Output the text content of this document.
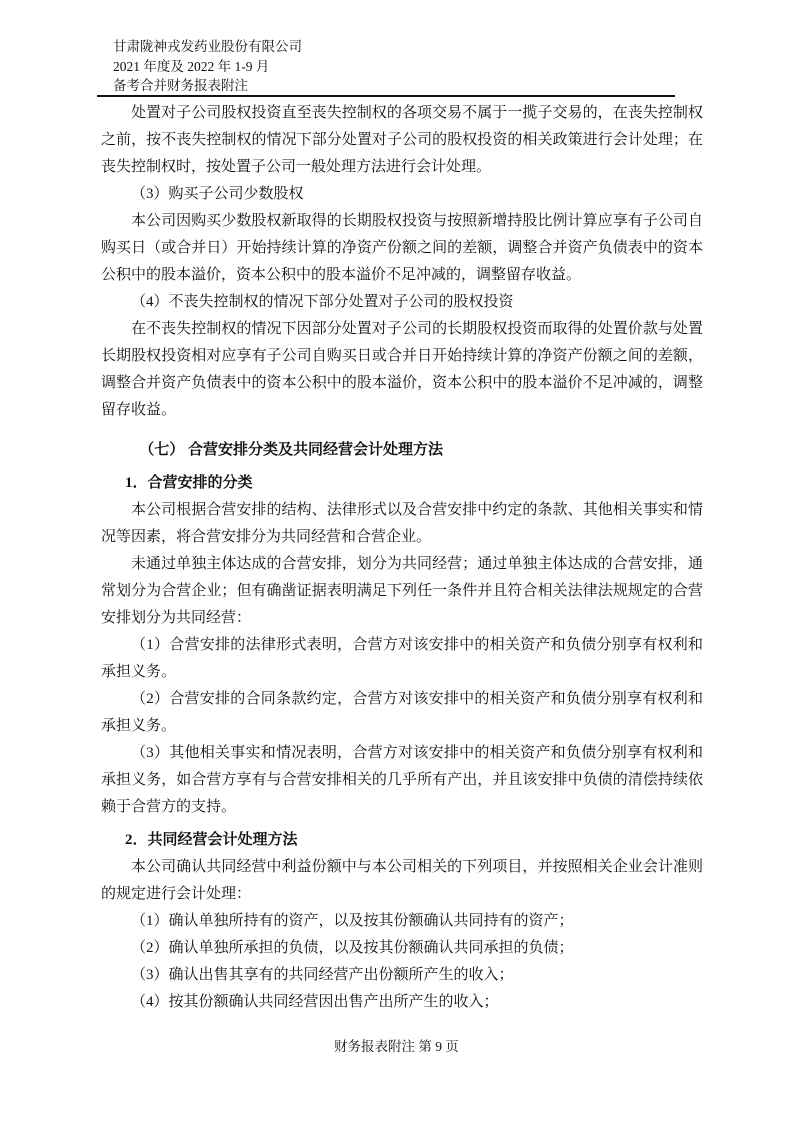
甘肃陇神戎发药业股份有限公司
2021 年度及 2022 年 1-9 月
备考合并财务报表附注

处置对子公司股权投资直至丧失控制权的各项交易不属于一揽子交易的，在丧失控制权之前，按不丧失控制权的情况下部分处置对子公司的股权投资的相关政策进行会计处理；在丧失控制权时，按处置子公司一般处理方法进行会计处理。

（3）购买子公司少数股权

本公司因购买少数股权新取得的长期股权投资与按照新增持股比例计算应享有子公司自购买日（或合并日）开始持续计算的净资产份额之间的差额，调整合并资产负债表中的资本公积中的股本溢价，资本公积中的股本溢价不足冲减的，调整留存收益。

（4）不丧失控制权的情况下部分处置对子公司的股权投资

在不丧失控制权的情况下因部分处置对子公司的长期股权投资而取得的处置价款与处置长期股权投资相对应享有子公司自购买日或合并日开始持续计算的净资产份额之间的差额，调整合并资产负债表中的资本公积中的股本溢价，资本公积中的股本溢价不足冲减的，调整留存收益。

（七） 合营安排分类及共同经营会计处理方法

1．合营安排的分类

本公司根据合营安排的结构、法律形式以及合营安排中约定的条款、其他相关事实和情况等因素，将合营安排分为共同经营和合营企业。

未通过单独主体达成的合营安排，划分为共同经营；通过单独主体达成的合营安排，通常划分为合营企业；但有确凿证据表明满足下列任一条件并且符合相关法律法规规定的合营安排划分为共同经营：

（1）合营安排的法律形式表明，合营方对该安排中的相关资产和负债分别享有权利和承担义务。

（2）合营安排的合同条款约定，合营方对该安排中的相关资产和负债分别享有权利和承担义务。

（3）其他相关事实和情况表明，合营方对该安排中的相关资产和负债分别享有权利和承担义务，如合营方享有与合营安排相关的几乎所有产出，并且该安排中负债的清偿持续依赖于合营方的支持。

2．共同经营会计处理方法

本公司确认共同经营中利益份额中与本公司相关的下列项目，并按照相关企业会计准则的规定进行会计处理：

（1）确认单独所持有的资产，以及按其份额确认共同持有的资产；

（2）确认单独所承担的负债，以及按其份额确认共同承担的负债；

（3）确认出售其享有的共同经营产出份额所产生的收入；

（4）按其份额确认共同经营因出售产出所产生的收入；

财务报表附注 第 9 页
